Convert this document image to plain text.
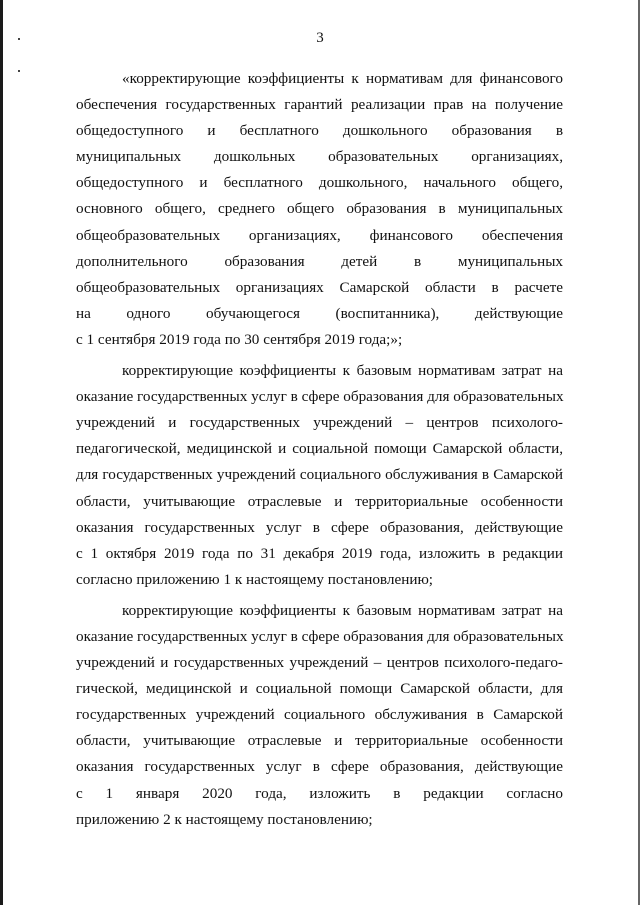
3
«корректирующие коэффициенты к нормативам для финансового
обеспечения государственных гарантий реализации прав на получение
общедоступного и бесплатного дошкольного образования в
муниципальных дошкольных образовательных организациях,
общедоступного и бесплатного дошкольного, начального общего,
основного общего, среднего общего образования в муниципальных
общеобразовательных организациях, финансового обеспечения
дополнительного образования детей в муниципальных
общеобразовательных организациях Самарской области в расчете
на одного обучающегося (воспитанника), действующие
с 1 сентября 2019 года по 30 сентября 2019 года;»;
корректирующие коэффициенты к базовым нормативам затрат на
оказание государственных услуг в сфере образования для образовательных
учреждений и государственных учреждений – центров психолого-
педагогической, медицинской и социальной помощи Самарской области,
для государственных учреждений социального обслуживания в Самарской
области, учитывающие отраслевые и территориальные особенности
оказания государственных услуг в сфере образования, действующие
с 1 октября 2019 года по 31 декабря 2019 года, изложить в редакции
согласно приложению 1 к настоящему постановлению;
корректирующие коэффициенты к базовым нормативам затрат на
оказание государственных услуг в сфере образования для образовательных
учреждений и государственных учреждений – центров психолого-педаго-
гической, медицинской и социальной помощи Самарской области, для
государственных учреждений социального обслуживания в Самарской
области, учитывающие отраслевые и территориальные особенности
оказания государственных услуг в сфере образования, действующие
с 1 января 2020 года, изложить в редакции согласно
приложению 2 к настоящему постановлению;
